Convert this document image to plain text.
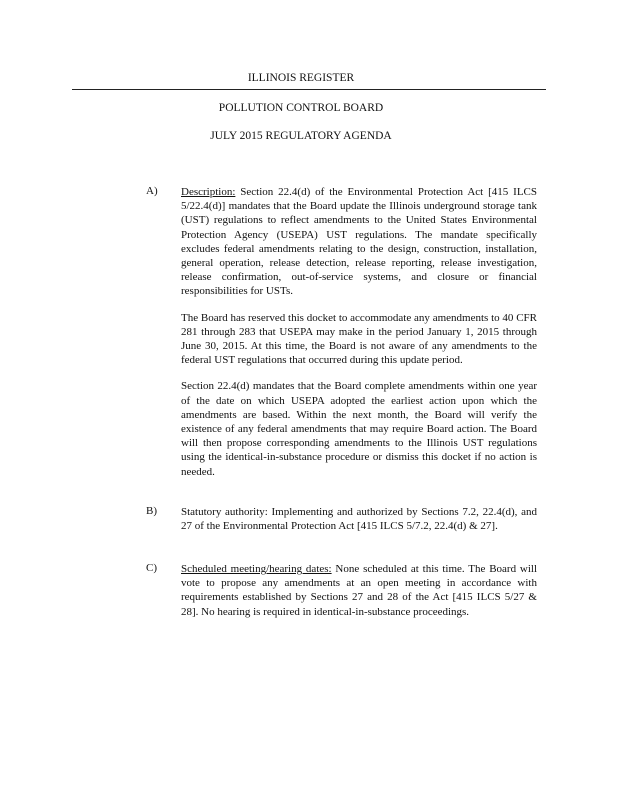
ILLINOIS REGISTER
POLLUTION CONTROL BOARD
JULY 2015 REGULATORY AGENDA
A) Description: Section 22.4(d) of the Environmental Protection Act [415 ILCS 5/22.4(d)] mandates that the Board update the Illinois underground storage tank (UST) regulations to reflect amendments to the United States Environmental Protection Agency (USEPA) UST regulations. The mandate specifically excludes federal amendments relating to the design, construction, installation, general operation, release detection, release reporting, release investigation, release confirmation, out-of-service systems, and closure or financial responsibilities for USTs.

The Board has reserved this docket to accommodate any amendments to 40 CFR 281 through 283 that USEPA may make in the period January 1, 2015 through June 30, 2015. At this time, the Board is not aware of any amendments to the federal UST regulations that occurred during this update period.

Section 22.4(d) mandates that the Board complete amendments within one year of the date on which USEPA adopted the earliest action upon which the amendments are based. Within the next month, the Board will verify the existence of any federal amendments that may require Board action. The Board will then propose corresponding amendments to the Illinois UST regulations using the identical-in-substance procedure or dismiss this docket if no action is needed.

B) Statutory authority: Implementing and authorized by Sections 7.2, 22.4(d), and 27 of the Environmental Protection Act [415 ILCS 5/7.2, 22.4(d) & 27].

C) Scheduled meeting/hearing dates: None scheduled at this time. The Board will vote to propose any amendments at an open meeting in accordance with requirements established by Sections 27 and 28 of the Act [415 ILCS 5/27 & 28]. No hearing is required in identical-in-substance proceedings.
